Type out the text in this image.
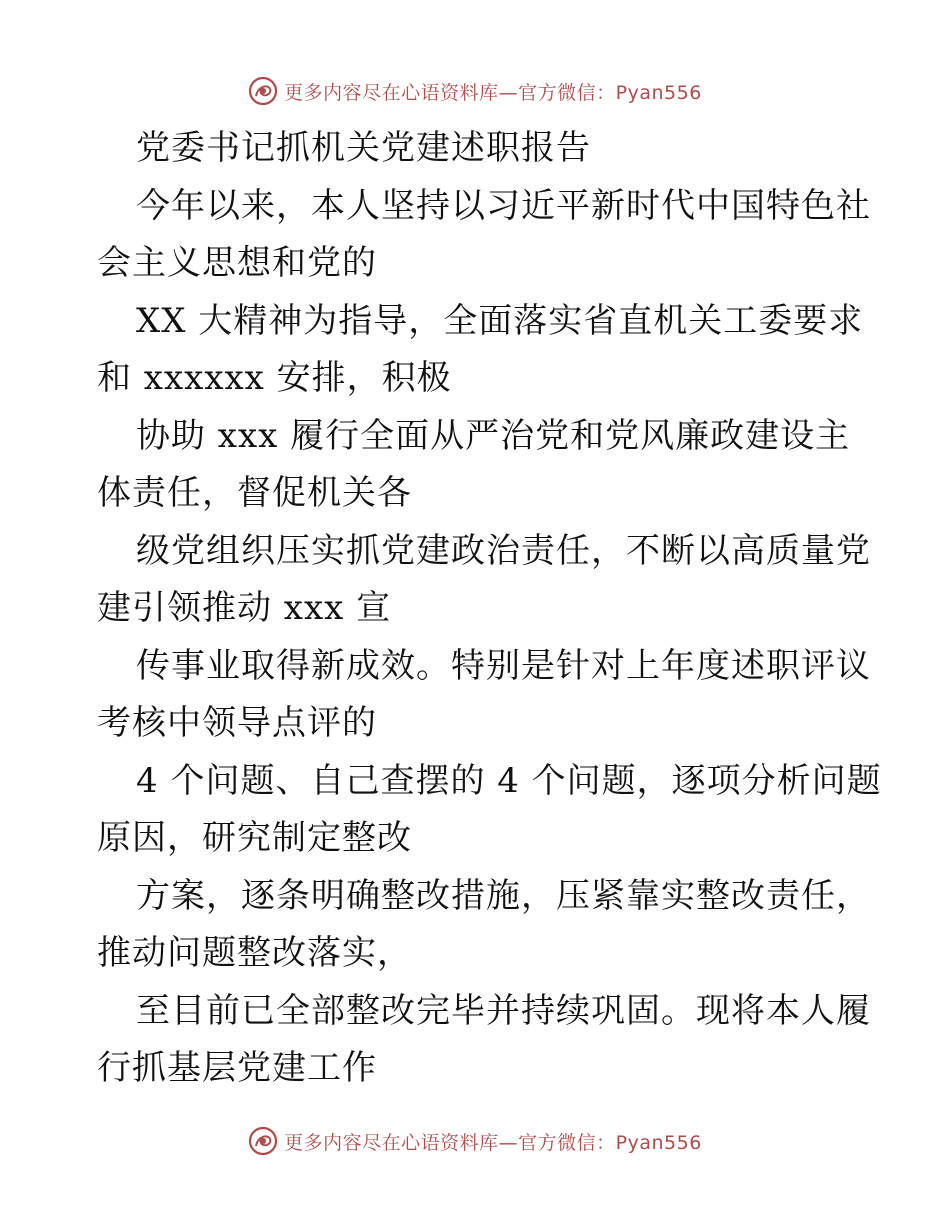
更多内容尽在心语资料库—官方微信：Pyan556
党委书记抓机关党建述职报告
今年以来，本人坚持以习近平新时代中国特色社
会主义思想和党的
XX 大精神为指导，全面落实省直机关工委要求
和 xxxxxx 安排，积极
协助 xxx 履行全面从严治党和党风廉政建设主
体责任，督促机关各
级党组织压实抓党建政治责任，不断以高质量党
建引领推动 xxx 宣
传事业取得新成效。特别是针对上年度述职评议
考核中领导点评的
4 个问题、自己查摆的 4 个问题，逐项分析问题
原因，研究制定整改
方案，逐条明确整改措施，压紧靠实整改责任，
推动问题整改落实，
至目前已全部整改完毕并持续巩固。现将本人履
行抓基层党建工作
更多内容尽在心语资料库—官方微信：Pyan556
